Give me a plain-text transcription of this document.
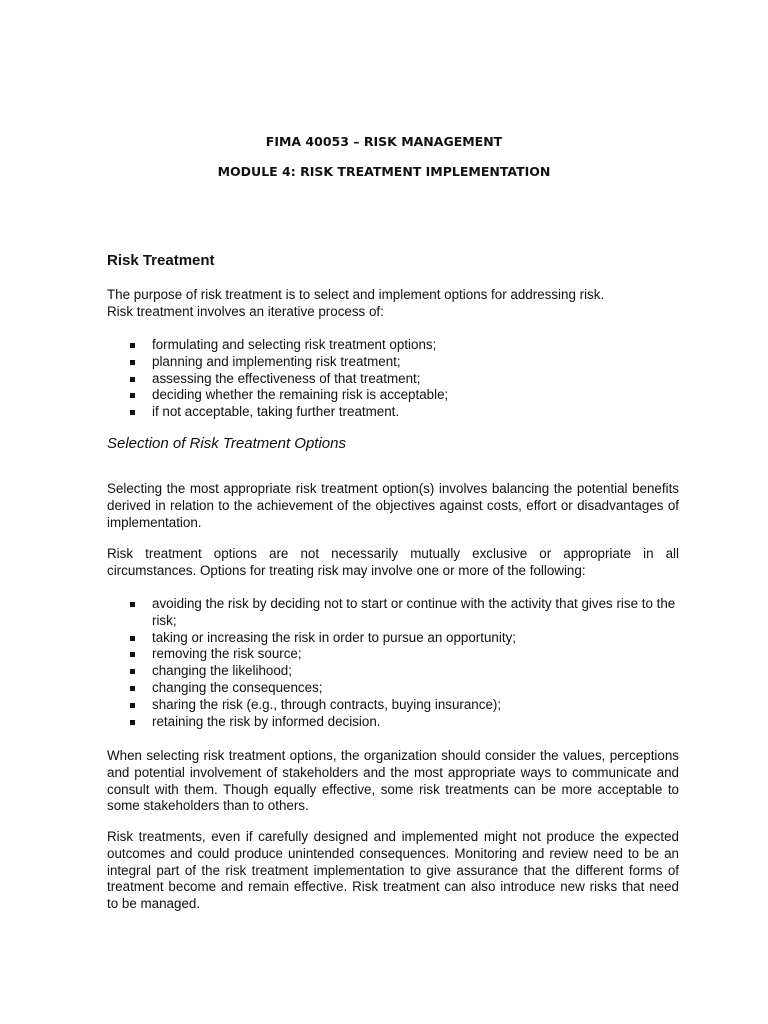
FIMA 40053 – RISK MANAGEMENT
MODULE 4: RISK TREATMENT IMPLEMENTATION
Risk Treatment

The purpose of risk treatment is to select and implement options for addressing risk.
Risk treatment involves an iterative process of:

formulating and selecting risk treatment options;
planning and implementing risk treatment;
assessing the effectiveness of that treatment;
deciding whether the remaining risk is acceptable;
if not acceptable, taking further treatment.
Selection of Risk Treatment Options

Selecting the most appropriate risk treatment option(s) involves balancing the potential benefits derived in relation to the achievement of the objectives against costs, effort or disadvantages of implementation.

Risk treatment options are not necessarily mutually exclusive or appropriate in all circumstances. Options for treating risk may involve one or more of the following:

avoiding the risk by deciding not to start or continue with the activity that gives rise to the risk;
taking or increasing the risk in order to pursue an opportunity;
removing the risk source;
changing the likelihood;
changing the consequences;
sharing the risk (e.g., through contracts, buying insurance);
retaining the risk by informed decision.

When selecting risk treatment options, the organization should consider the values, perceptions and potential involvement of stakeholders and the most appropriate ways to communicate and consult with them. Though equally effective, some risk treatments can be more acceptable to some stakeholders than to others.

Risk treatments, even if carefully designed and implemented might not produce the expected outcomes and could produce unintended consequences. Monitoring and review need to be an integral part of the risk treatment implementation to give assurance that the different forms of treatment become and remain effective. Risk treatment can also introduce new risks that need to be managed.
